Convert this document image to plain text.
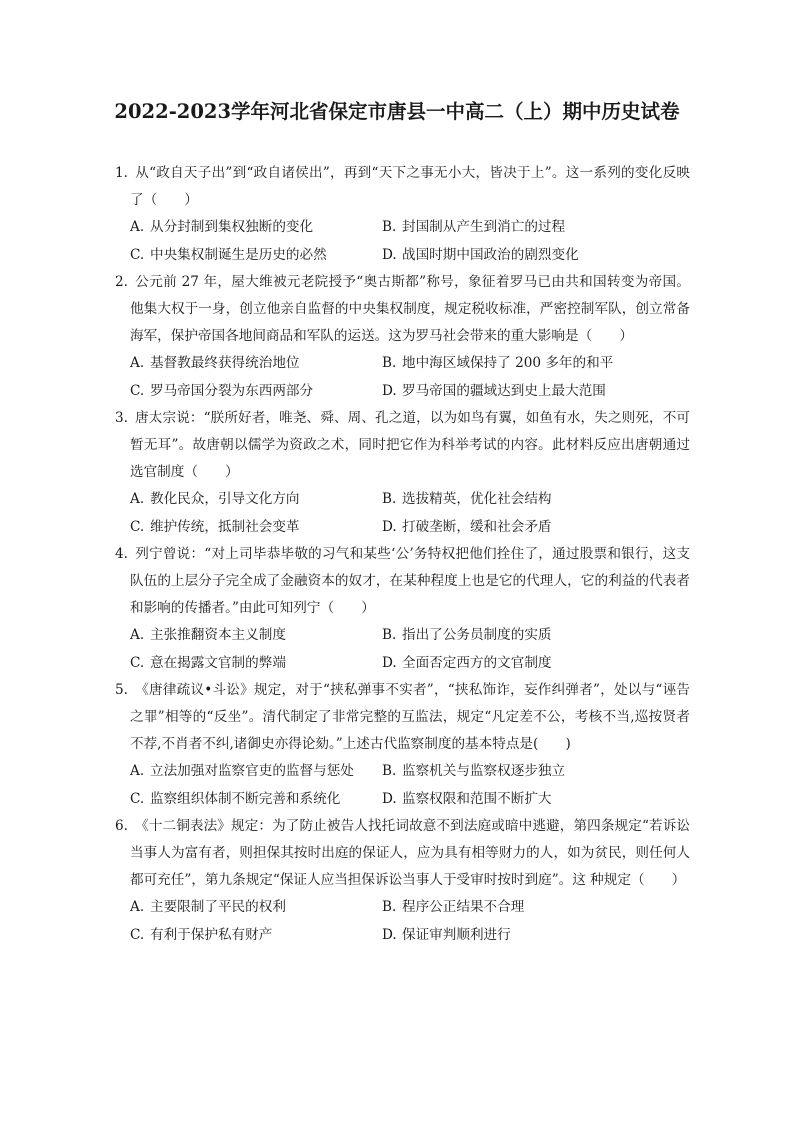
2022-2023学年河北省保定市唐县一中高二（上）期中历史试卷
1. 从“政自天子出”到“政自诸侯出”，再到“天下之事无小大，皆决于上”。这一系列的变化反映了（　　）
A. 从分封制到集权独断的变化	B. 封国制从产生到消亡的过程
C. 中央集权制诞生是历史的必然	D. 战国时期中国政治的剧烈变化
2. 公元前 27 年，屋大维被元老院授予“奥古斯都”称号，象征着罗马已由共和国转变为帝国。他集大权于一身，创立他亲自监督的中央集权制度，规定税收标准，严密控制军队，创立常备海军，保护帝国各地间商品和军队的运送。这为罗马社会带来的重大影响是（　　）
A. 基督教最终获得统治地位	B. 地中海区域保持了 200 多年的和平
C. 罗马帝国分裂为东西两部分	D. 罗马帝国的疆域达到史上最大范围
3. 唐太宗说：“朕所好者，唯尧、舜、周、孔之道，以为如鸟有翼，如鱼有水，失之则死，不可暂无耳”。故唐朝以儒学为资政之术，同时把它作为科举考试的内容。此材料反应出唐朝通过选官制度（　　）
A. 教化民众，引导文化方向	B. 选拔精英，优化社会结构
C. 维护传统，抵制社会变革	D. 打破垄断，缓和社会矛盾
4. 列宁曾说：“对上司毕恭毕敬的习气和某些‘公’务特权把他们拴住了，通过股票和银行，这支队伍的上层分子完全成了金融资本的奴才，在某种程度上也是它的代理人，它的利益的代表者和影响的传播者。”由此可知列宁（　　）
A. 主张推翻资本主义制度	B. 指出了公务员制度的实质
C. 意在揭露文官制的弊端	D. 全面否定西方的文官制度
5. 《唐律疏议•斗讼》规定，对于“挟私弹事不实者”，“挟私饰诈，妄作纠弹者”，处以与“诬告之罪”相等的“反坐”。清代制定了非常完整的互监法，规定“凡定差不公，考核不当,巡按贤者不荐,不肖者不纠,诸御史亦得论劾。”上述古代监察制度的基本特点是(　　)
A. 立法加强对监察官吏的监督与惩处	B. 监察机关与监察权逐步独立
C. 监察组织体制不断完善和系统化	D. 监察权限和范围不断扩大
6. 《十二铜表法》规定：为了防止被告人找托词故意不到法庭或暗中逃避，第四条规定“若诉讼当事人为富有者，则担保其按时出庭的保证人，应为具有相等财力的人，如为贫民，则任何人都可充任”，第九条规定“保证人应当担保诉讼当事人于受审时按时到庭”。这 种规定（　　）
A. 主要限制了平民的权利	B. 程序公正结果不合理
C. 有利于保护私有财产	D. 保证审判顺利进行
